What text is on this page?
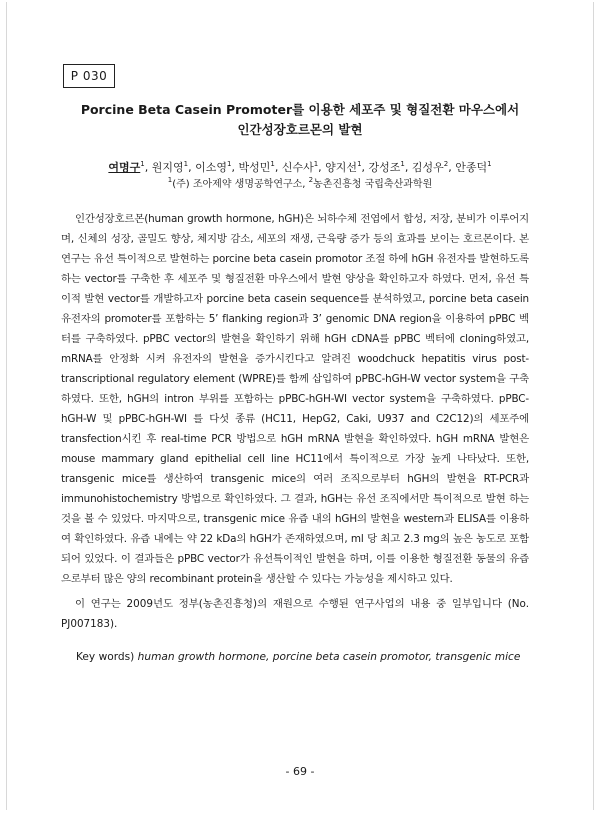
P 030
Porcine Beta Casein Promoter를 이용한 세포주 및 형질전환 마우스에서
인간성장호르몬의 발현
여명구$^1$, 원지영$^1$, 이소영$^1$, 박성민$^1$, 신수사$^1$, 양지선$^1$, 강성조$^1$, 김성우$^2$, 안종덕$^1$
$^1$(주) 조아제약 생명공학연구소, $^2$농촌진흥청 국립축산과학원

인간성장호르몬(human growth hormone, hGH)은 뇌하수체 전엽에서 합성, 저장, 분비가 이루어지며, 신체의 성장, 골밀도 향상, 체지방 감소, 세포의 재생, 근육량 증가 등의 효과를 보이는 호르몬이다. 본 연구는 유선 특이적으로 발현하는 porcine beta casein promotor 조절 하에 hGH 유전자를 발현하도록 하는 vector를 구축한 후 세포주 및 형질전환 마우스에서 발현 양상을 확인하고자 하였다. 먼저, 유선 특이적 발현 vector를 개발하고자 porcine beta casein sequence를 분석하였고, porcine beta casein 유전자의 promoter를 포함하는 5’ flanking region과 3’ genomic DNA region을 이용하여 pPBC 벡터를 구축하였다. pPBC vector의 발현을 확인하기 위해 hGH cDNA를 pPBC 벡터에 cloning하였고, mRNA를 안정화 시켜 유전자의 발현을 증가시킨다고 알려진 woodchuck hepatitis virus post-transcriptional regulatory element (WPRE)를 함께 삽입하여 pPBC-hGH-W vector system을 구축하였다. 또한, hGH의 intron 부위를 포함하는 pPBC-hGH-WI vector system을 구축하였다. pPBC-hGH-W 및 pPBC-hGH-WI 를 다섯 종류 (HC11, HepG2, Caki, U937 and C2C12)의 세포주에 transfection시킨 후 real-time PCR 방법으로 hGH mRNA 발현을 확인하였다. hGH mRNA 발현은 mouse mammary gland epithelial cell line HC11에서 특이적으로 가장 높게 나타났다. 또한, transgenic mice를 생산하여 transgenic mice의 여러 조직으로부터 hGH의 발현을 RT-PCR과 immunohistochemistry 방법으로 확인하였다. 그 결과, hGH는 유선 조직에서만 특이적으로 발현 하는 것을 볼 수 있었다. 마지막으로, transgenic mice 유즙 내의 hGH의 발현을 western과 ELISA를 이용하여 확인하였다. 유즙 내에는 약 22 kDa의 hGH가 존재하였으며, ml 당 최고 2.3 mg의 높은 농도로 포함되어 있었다. 이 결과들은 pPBC vector가 유선특이적인 발현을 하며, 이를 이용한 형질전환 동물의 유즙으로부터 많은 양의 recombinant protein을 생산할 수 있다는 가능성을 제시하고 있다.

이 연구는 2009년도 정부(농촌진흥청)의 재원으로 수행된 연구사업의 내용 중 일부입니다 (No. PJ007183).

Key words) human growth hormone, porcine beta casein promotor, transgenic mice
- 69 -
